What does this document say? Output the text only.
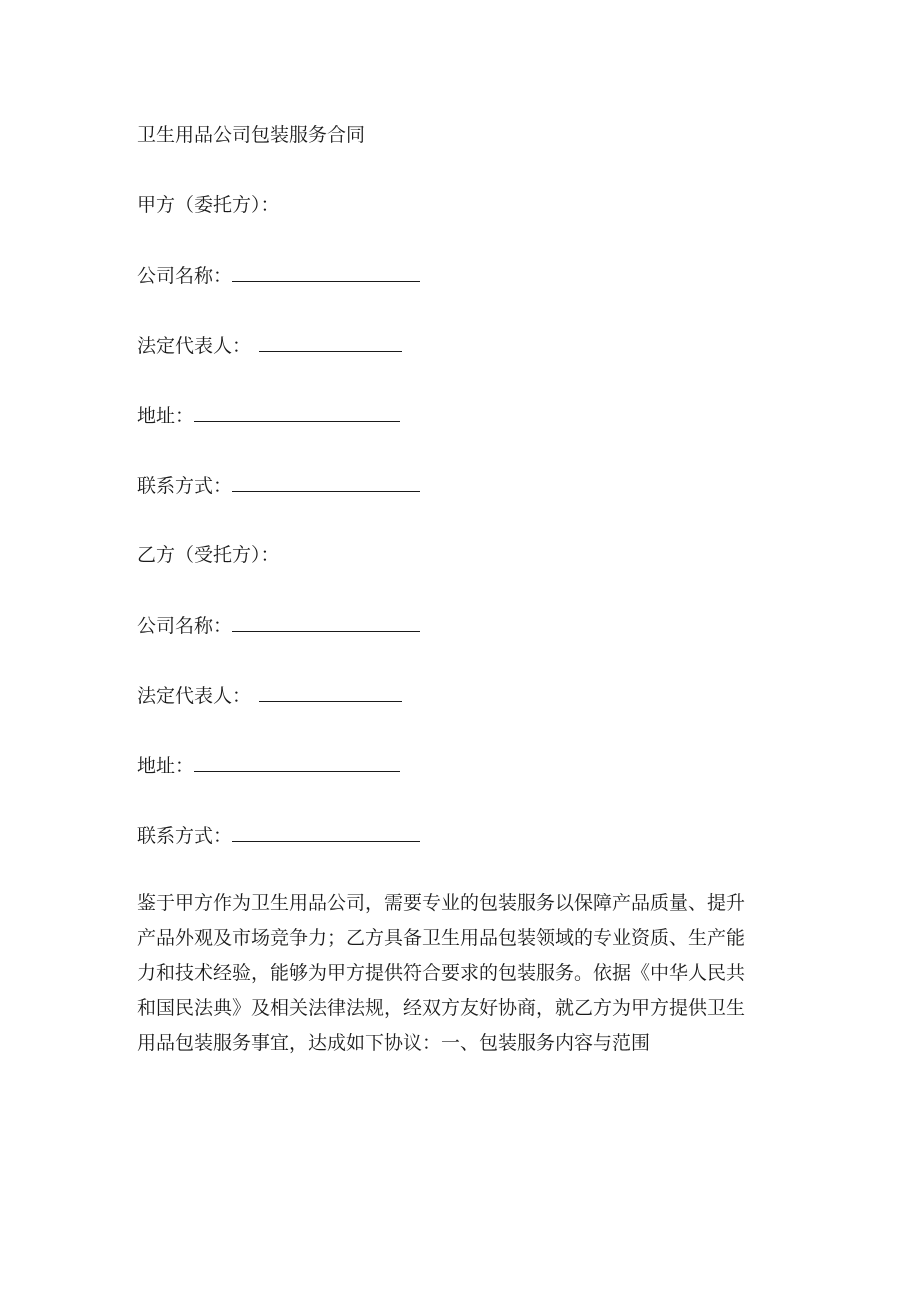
卫生用品公司包装服务合同
甲方（委托方）：
公司名称：
法定代表人：
地址：
联系方式：
乙方（受托方）：
公司名称：
法定代表人：
地址：
联系方式：
鉴于甲方作为卫生用品公司，需要专业的包装服务以保障产品质量、提升
产品外观及市场竞争力；乙方具备卫生用品包装领域的专业资质、生产能
力和技术经验，能够为甲方提供符合要求的包装服务。依据《中华人民共
和国民法典》及相关法律法规，经双方友好协商，就乙方为甲方提供卫生
用品包装服务事宜，达成如下协议：一、包装服务内容与范围
